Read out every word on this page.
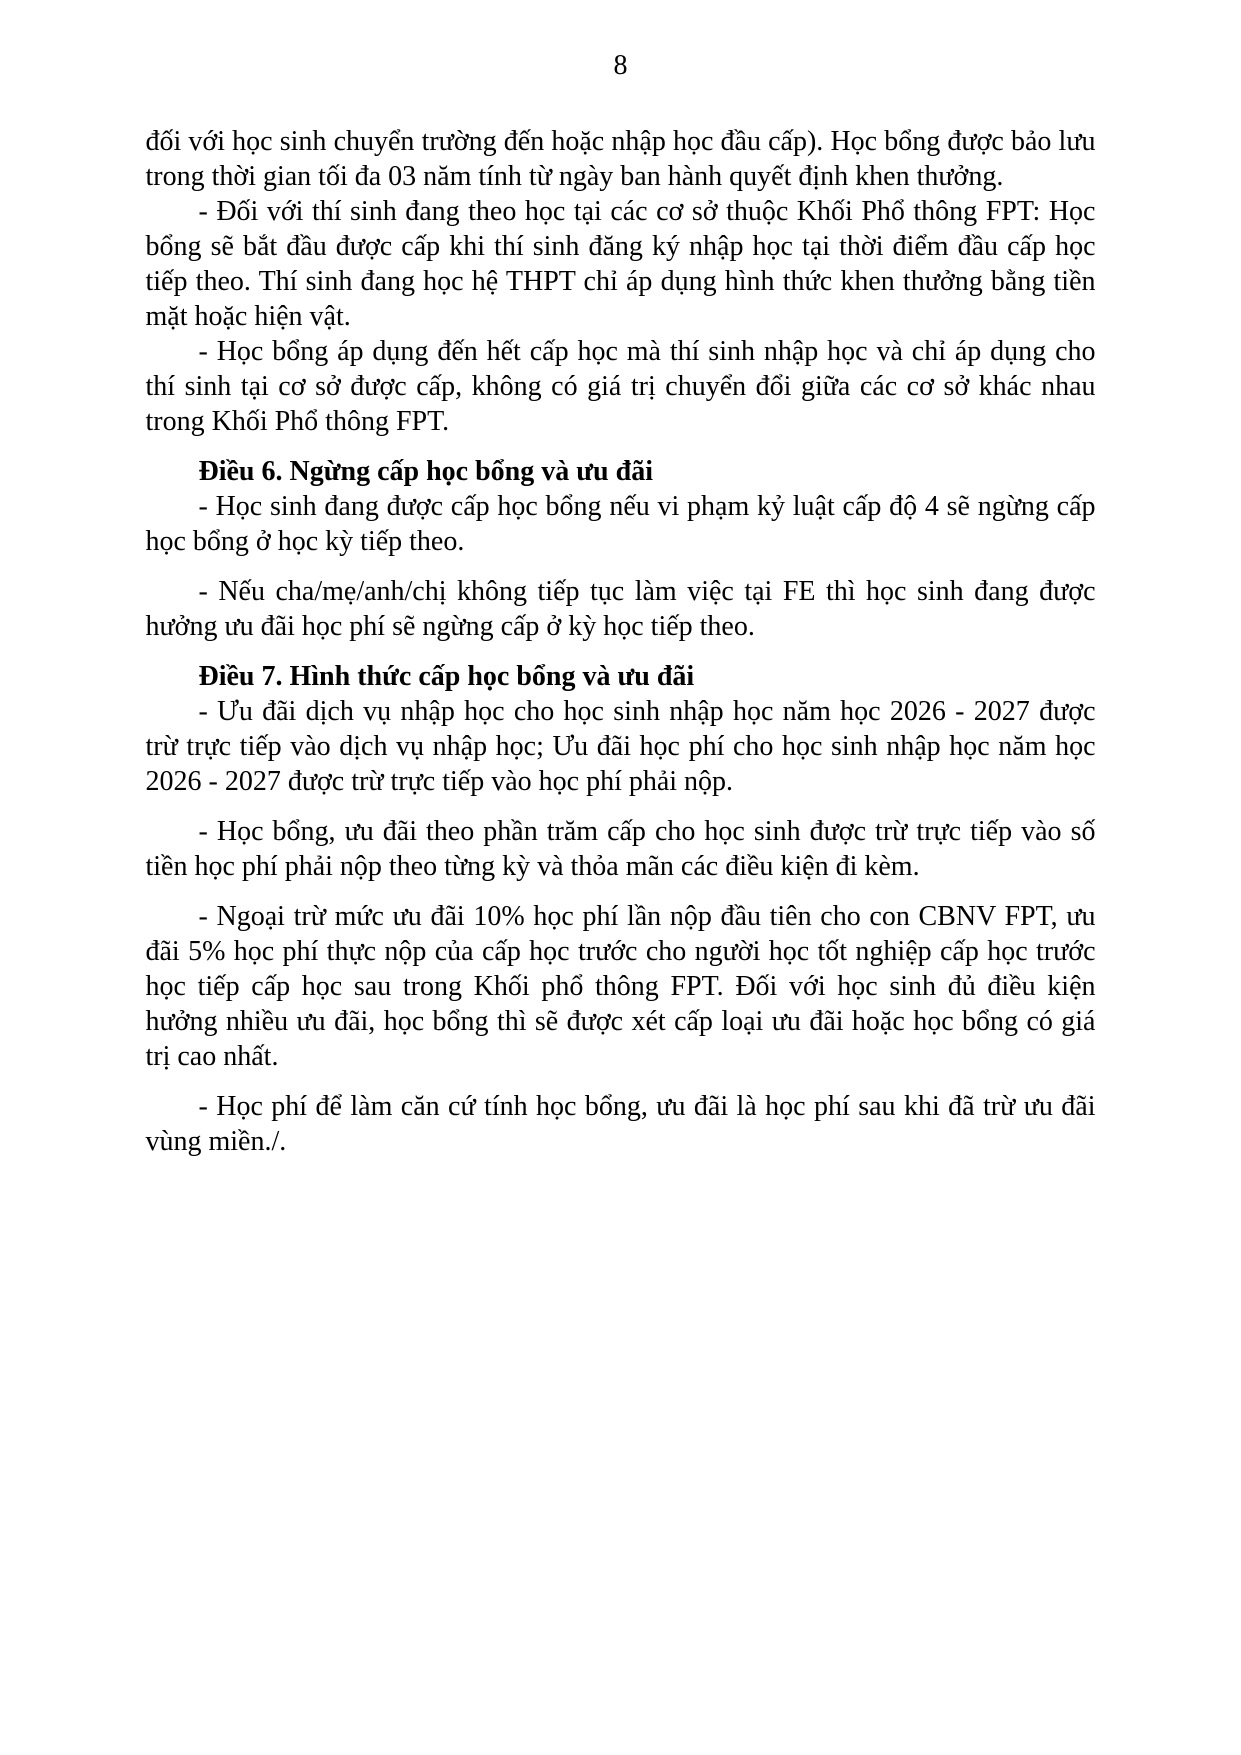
8

đối với học sinh chuyển trường đến hoặc nhập học đầu cấp). Học bổng được bảo lưu trong thời gian tối đa 03 năm tính từ ngày ban hành quyết định khen thưởng.

- Đối với thí sinh đang theo học tại các cơ sở thuộc Khối Phổ thông FPT: Học bổng sẽ bắt đầu được cấp khi thí sinh đăng ký nhập học tại thời điểm đầu cấp học tiếp theo. Thí sinh đang học hệ THPT chỉ áp dụng hình thức khen thưởng bằng tiền mặt hoặc hiện vật.

- Học bổng áp dụng đến hết cấp học mà thí sinh nhập học và chỉ áp dụng cho thí sinh tại cơ sở được cấp, không có giá trị chuyển đổi giữa các cơ sở khác nhau trong Khối Phổ thông FPT.

Điều 6. Ngừng cấp học bổng và ưu đãi

- Học sinh đang được cấp học bổng nếu vi phạm kỷ luật cấp độ 4 sẽ ngừng cấp học bổng ở học kỳ tiếp theo.

- Nếu cha/mẹ/anh/chị không tiếp tục làm việc tại FE thì học sinh đang được hưởng ưu đãi học phí sẽ ngừng cấp ở kỳ học tiếp theo.

Điều 7. Hình thức cấp học bổng và ưu đãi

- Ưu đãi dịch vụ nhập học cho học sinh nhập học năm học 2026 - 2027 được trừ trực tiếp vào dịch vụ nhập học; Ưu đãi học phí cho học sinh nhập học năm học 2026 - 2027 được trừ trực tiếp vào học phí phải nộp.

- Học bổng, ưu đãi theo phần trăm cấp cho học sinh được trừ trực tiếp vào số tiền học phí phải nộp theo từng kỳ và thỏa mãn các điều kiện đi kèm.

- Ngoại trừ mức ưu đãi 10% học phí lần nộp đầu tiên cho con CBNV FPT, ưu đãi 5% học phí thực nộp của cấp học trước cho người học tốt nghiệp cấp học trước học tiếp cấp học sau trong Khối phổ thông FPT. Đối với học sinh đủ điều kiện hưởng nhiều ưu đãi, học bổng thì sẽ được xét cấp loại ưu đãi hoặc học bổng có giá trị cao nhất.

- Học phí để làm căn cứ tính học bổng, ưu đãi là học phí sau khi đã trừ ưu đãi vùng miền./.
